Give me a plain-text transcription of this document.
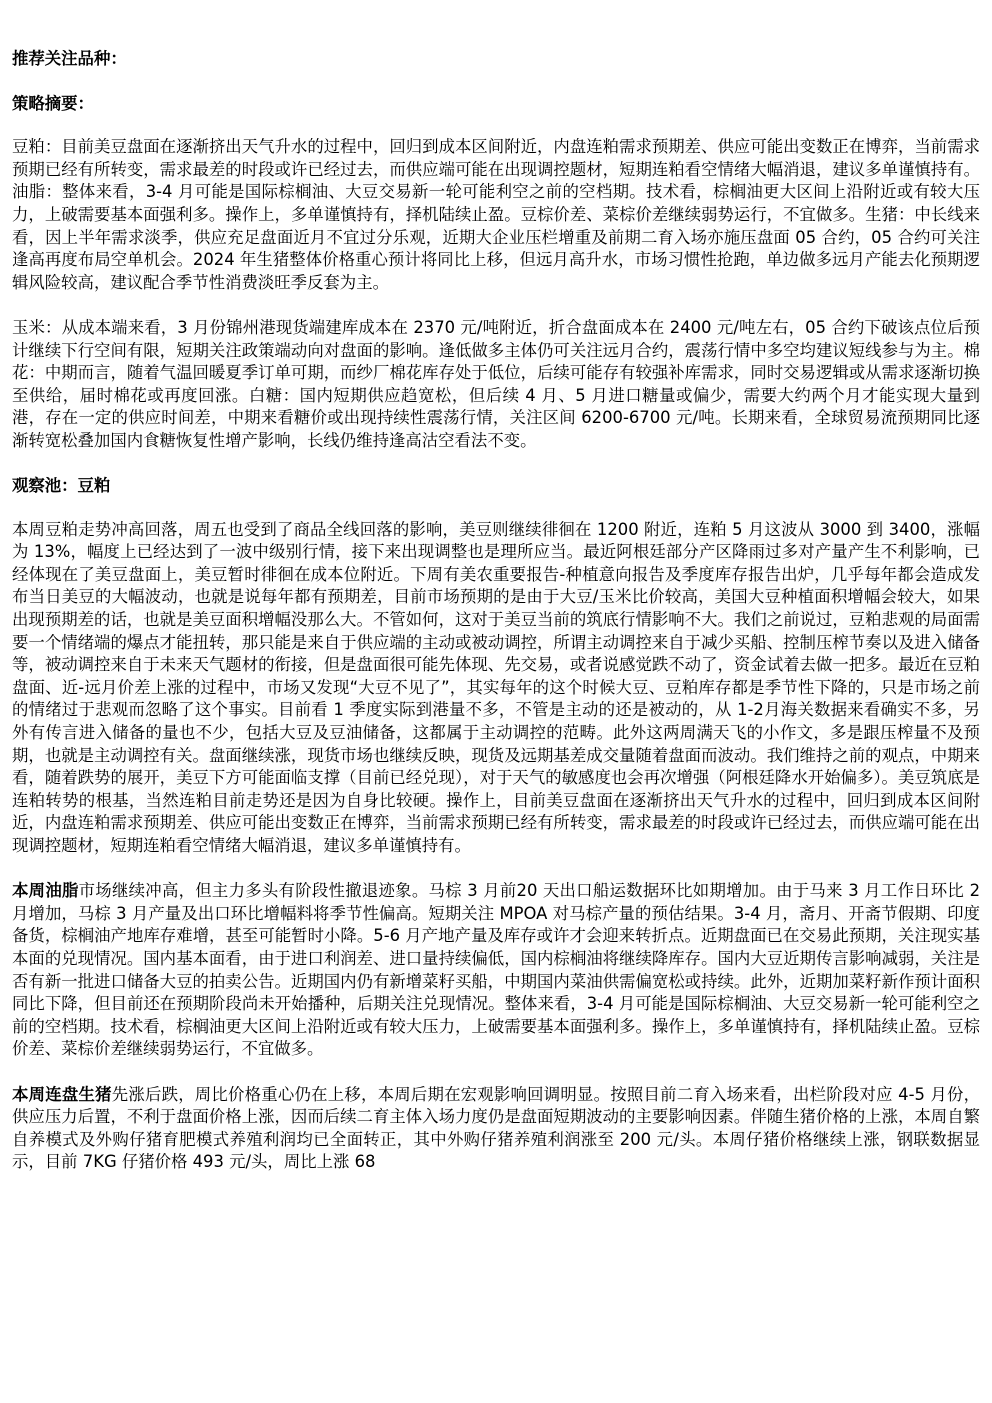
推荐关注品种：

策略摘要：

豆粕：目前美豆盘面在逐渐挤出天气升水的过程中，回归到成本区间附近，内盘连粕需求预期差、供应可能出变数正在博弈，当前需求预期已经有所转变，需求最差的时段或许已经过去，而供应端可能在出现调控题材，短期连粕看空情绪大幅消退，建议多单谨慎持有。油脂：整体来看，3-4 月可能是国际棕榈油、大豆交易新一轮可能利空之前的空档期。技术看，棕榈油更大区间上沿附近或有较大压力，上破需要基本面强利多。操作上，多单谨慎持有，择机陆续止盈。豆棕价差、菜棕价差继续弱势运行，不宜做多。生猪：中长线来看，因上半年需求淡季，供应充足盘面近月不宜过分乐观，近期大企业压栏增重及前期二育入场亦施压盘面 05 合约，05 合约可关注逢高再度布局空单机会。2024 年生猪整体价格重心预计将同比上移，但远月高升水，市场习惯性抢跑，单边做多远月产能去化预期逻辑风险较高，建议配合季节性消费淡旺季反套为主。

玉米：从成本端来看，3 月份锦州港现货端建库成本在 2370 元/吨附近，折合盘面成本在 2400 元/吨左右，05 合约下破该点位后预计继续下行空间有限，短期关注政策端动向对盘面的影响。逢低做多主体仍可关注远月合约，震荡行情中多空均建议短线参与为主。棉花：中期而言，随着气温回暖夏季订单可期，而纱厂棉花库存处于低位，后续可能存有较强补库需求，同时交易逻辑或从需求逐渐切换至供给，届时棉花或再度回涨。白糖：国内短期供应趋宽松，但后续 4 月、5 月进口糖量或偏少，需要大约两个月才能实现大量到港，存在一定的供应时间差，中期来看糖价或出现持续性震荡行情，关注区间 6200-6700 元/吨。长期来看，全球贸易流预期同比逐渐转宽松叠加国内食糖恢复性增产影响，长线仍维持逢高沽空看法不变。

观察池：豆粕

本周豆粕走势冲高回落，周五也受到了商品全线回落的影响，美豆则继续徘徊在 1200 附近，连粕 5 月这波从 3000 到 3400，涨幅为 13%，幅度上已经达到了一波中级别行情，接下来出现调整也是理所应当。最近阿根廷部分产区降雨过多对产量产生不利影响，已经体现在了美豆盘面上，美豆暂时徘徊在成本位附近。下周有美农重要报告-种植意向报告及季度库存报告出炉，几乎每年都会造成发布当日美豆的大幅波动，也就是说每年都有预期差，目前市场预期的是由于大豆/玉米比价较高，美国大豆种植面积增幅会较大，如果出现预期差的话，也就是美豆面积增幅没那么大。不管如何，这对于美豆当前的筑底行情影响不大。我们之前说过，豆粕悲观的局面需要一个情绪端的爆点才能扭转，那只能是来自于供应端的主动或被动调控，所谓主动调控来自于减少买船、控制压榨节奏以及进入储备等，被动调控来自于未来天气题材的衔接，但是盘面很可能先体现、先交易，或者说感觉跌不动了，资金试着去做一把多。最近在豆粕盘面、近-远月价差上涨的过程中，市场又发现“大豆不见了”，其实每年的这个时候大豆、豆粕库存都是季节性下降的，只是市场之前的情绪过于悲观而忽略了这个事实。目前看 1 季度实际到港量不多，不管是主动的还是被动的，从 1-2月海关数据来看确实不多，另外有传言进入储备的量也不少，包括大豆及豆油储备，这都属于主动调控的范畴。此外这两周满天飞的小作文，多是跟压榨量不及预期，也就是主动调控有关。盘面继续涨，现货市场也继续反映，现货及远期基差成交量随着盘面而波动。我们维持之前的观点，中期来看，随着跌势的展开，美豆下方可能面临支撑（目前已经兑现），对于天气的敏感度也会再次增强（阿根廷降水开始偏多）。美豆筑底是连粕转势的根基，当然连粕目前走势还是因为自身比较硬。操作上，目前美豆盘面在逐渐挤出天气升水的过程中，回归到成本区间附近，内盘连粕需求预期差、供应可能出变数正在博弈，当前需求预期已经有所转变，需求最差的时段或许已经过去，而供应端可能在出现调控题材，短期连粕看空情绪大幅消退，建议多单谨慎持有。

本周油脂市场继续冲高，但主力多头有阶段性撤退迹象。马棕 3 月前20 天出口船运数据环比如期增加。由于马来 3 月工作日环比 2 月增加，马棕 3 月产量及出口环比增幅料将季节性偏高。短期关注 MPOA 对马棕产量的预估结果。3-4 月，斋月、开斋节假期、印度备货，棕榈油产地库存难增，甚至可能暂时小降。5-6 月产地产量及库存或许才会迎来转折点。近期盘面已在交易此预期，关注现实基本面的兑现情况。国内基本面看，由于进口利润差、进口量持续偏低，国内棕榈油将继续降库存。国内大豆近期传言影响减弱，关注是否有新一批进口储备大豆的拍卖公告。近期国内仍有新增菜籽买船，中期国内菜油供需偏宽松或持续。此外，近期加菜籽新作预计面积同比下降，但目前还在预期阶段尚未开始播种，后期关注兑现情况。整体来看，3-4 月可能是国际棕榈油、大豆交易新一轮可能利空之前的空档期。技术看，棕榈油更大区间上沿附近或有较大压力，上破需要基本面强利多。操作上，多单谨慎持有，择机陆续止盈。豆棕价差、菜棕价差继续弱势运行，不宜做多。

本周连盘生猪先涨后跌，周比价格重心仍在上移，本周后期在宏观影响回调明显。按照目前二育入场来看，出栏阶段对应 4-5 月份，供应压力后置，不利于盘面价格上涨，因而后续二育主体入场力度仍是盘面短期波动的主要影响因素。伴随生猪价格的上涨，本周自繁自养模式及外购仔猪育肥模式养殖利润均已全面转正，其中外购仔猪养殖利润涨至 200 元/头。本周仔猪价格继续上涨，钢联数据显示，目前 7KG 仔猪价格 493 元/头，周比上涨 68
